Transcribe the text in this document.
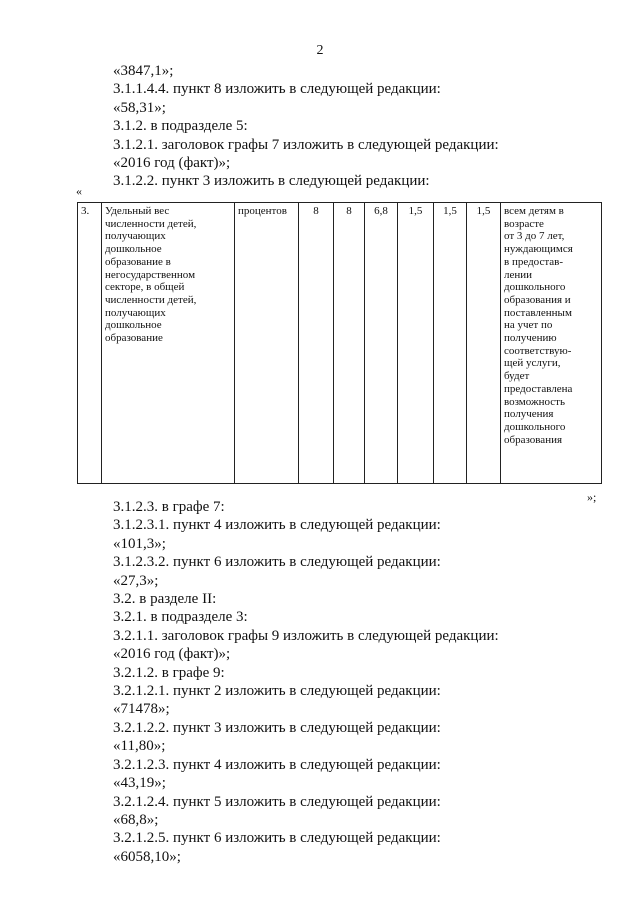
2
«3847,1»;
3.1.1.4.4. пункт 8 изложить в следующей редакции:
«58,31»;
3.1.2. в подразделе 5:
3.1.2.1. заголовок графы 7 изложить в следующей редакции:
«2016 год (факт)»;
3.1.2.2. пункт 3 изложить в следующей редакции:
«
3.	Удельный вес
численности детей,
получающих
дошкольное
образование в
негосударственном
секторе, в общей
численности детей,
получающих
дошкольное
образование	процентов	8	8	6,8	1,5	1,5	1,5	всем детям в
возрасте
от 3 до 7 лет,
нуждающимся
в предостав-
лении
дошкольного
образования и
поставленным
на учет по
получению
соответствую-
щей услуги,
будет
предоставлена
возможность
получения
дошкольного
образования
»;
3.1.2.3. в графе 7:
3.1.2.3.1. пункт 4 изложить в следующей редакции:
«101,3»;
3.1.2.3.2. пункт 6 изложить в следующей редакции:
«27,3»;
3.2. в разделе II:
3.2.1. в подразделе 3:
3.2.1.1. заголовок графы 9 изложить в следующей редакции:
«2016 год (факт)»;
3.2.1.2. в графе 9:
3.2.1.2.1. пункт 2 изложить в следующей редакции:
«71478»;
3.2.1.2.2. пункт 3 изложить в следующей редакции:
«11,80»;
3.2.1.2.3. пункт 4 изложить в следующей редакции:
«43,19»;
3.2.1.2.4. пункт 5 изложить в следующей редакции:
«68,8»;
3.2.1.2.5. пункт 6 изложить в следующей редакции:
«6058,10»;
